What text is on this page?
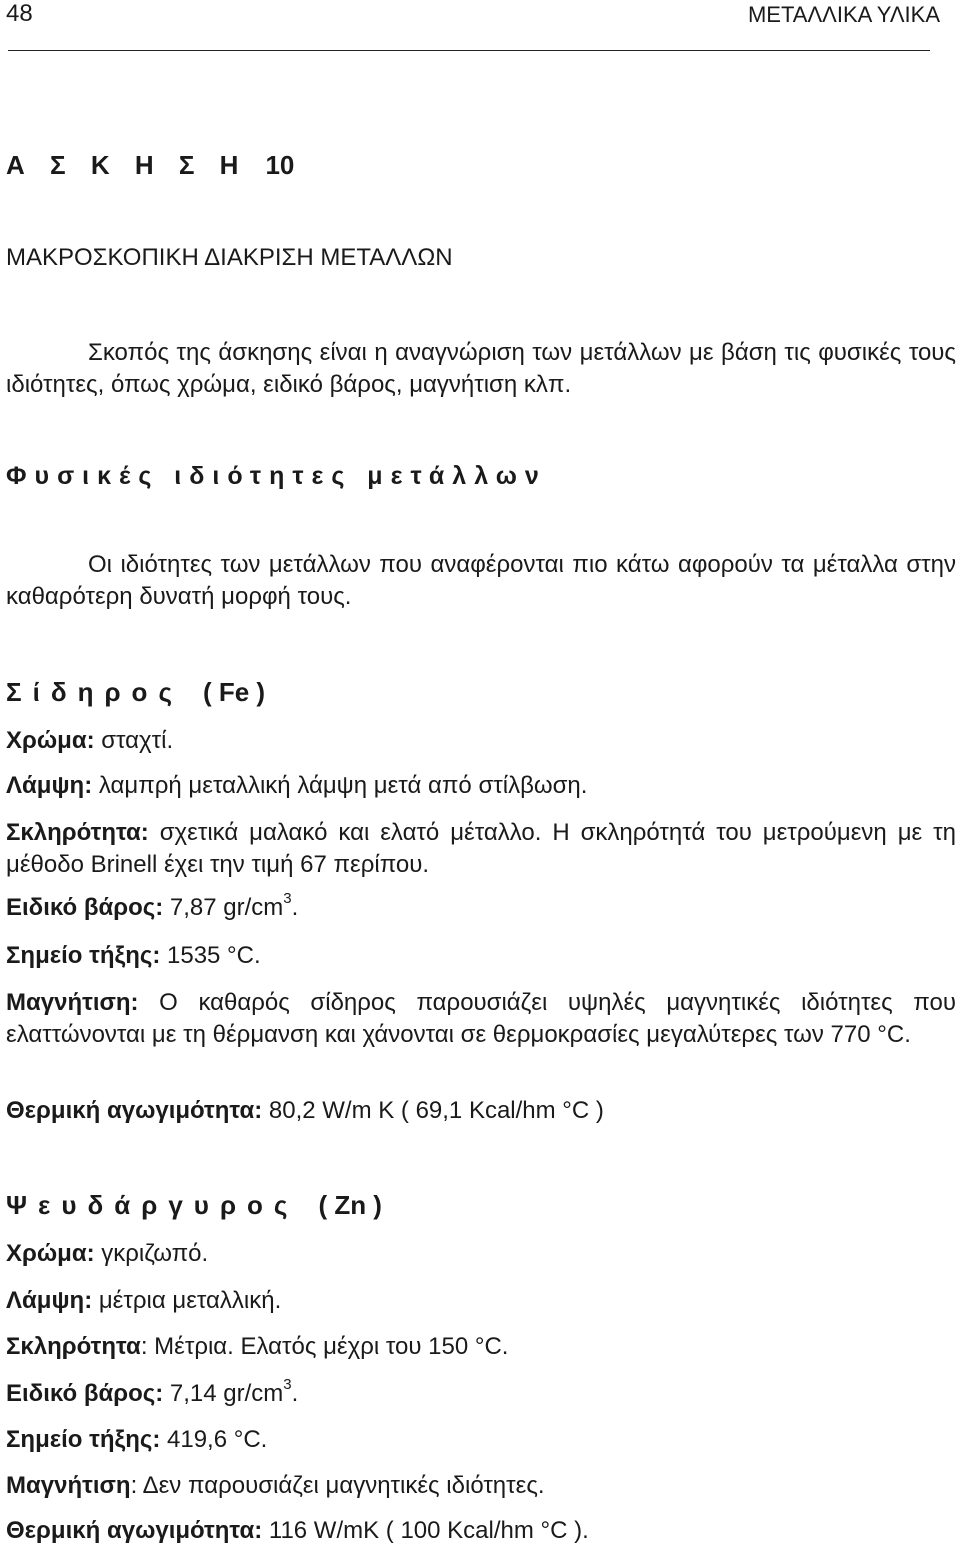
48	ΜΕΤΑΛΛΙΚΑ ΥΛΙΚΑ
Α Σ Κ Η Σ Η 10
ΜΑΚΡΟΣΚΟΠΙΚΗ ΔΙΑΚΡΙΣΗ ΜΕΤΑΛΛΩΝ
Σκοπός της άσκησης είναι η αναγνώριση των μετάλλων με βάση τις φυσικές τους ιδιότητες, όπως χρώμα, ειδικό βάρος, μαγνήτιση κλπ.
Φυσικές ιδιότητες μετάλλων
Οι ιδιότητες των μετάλλων που αναφέρονται πιο κάτω αφορούν τα μέταλλα στην καθαρότερη δυνατή μορφή τους.
Σίδηρος ( Fe )
Χρώμα: σταχτί.
Λάμψη: λαμπρή μεταλλική λάμψη μετά από στίλβωση.
Σκληρότητα: σχετικά μαλακό και ελατό μέταλλο. Η σκληρότητά του μετρούμενη με τη μέθοδο Brinell έχει την τιμή 67 περίπου.
Ειδικό βάρος: 7,87 $gr/cm^3$.
Σημείο τήξης: 1535 °C.
Μαγνήτιση: Ο καθαρός σίδηρος παρουσιάζει υψηλές μαγνητικές ιδιότητες που ελαττώνονται με τη θέρμανση και χάνονται σε θερμοκρασίες μεγαλύτερες των 770 °C.
Θερμική αγωγιμότητα: 80,2 W/m K ( 69,1 Kcal/hm °C )
Ψευδάργυρος ( Zn )
Χρώμα: γκριζωπό.
Λάμψη: μέτρια μεταλλική.
Σκληρότητα: Μέτρια. Ελατός μέχρι του 150 °C.
Ειδικό βάρος: 7,14 $gr/cm^3$.
Σημείο τήξης: 419,6 °C.
Μαγνήτιση: Δεν παρουσιάζει μαγνητικές ιδιότητες.
Θερμική αγωγιμότητα: 116 W/mK ( 100 Kcal/hm °C ).
